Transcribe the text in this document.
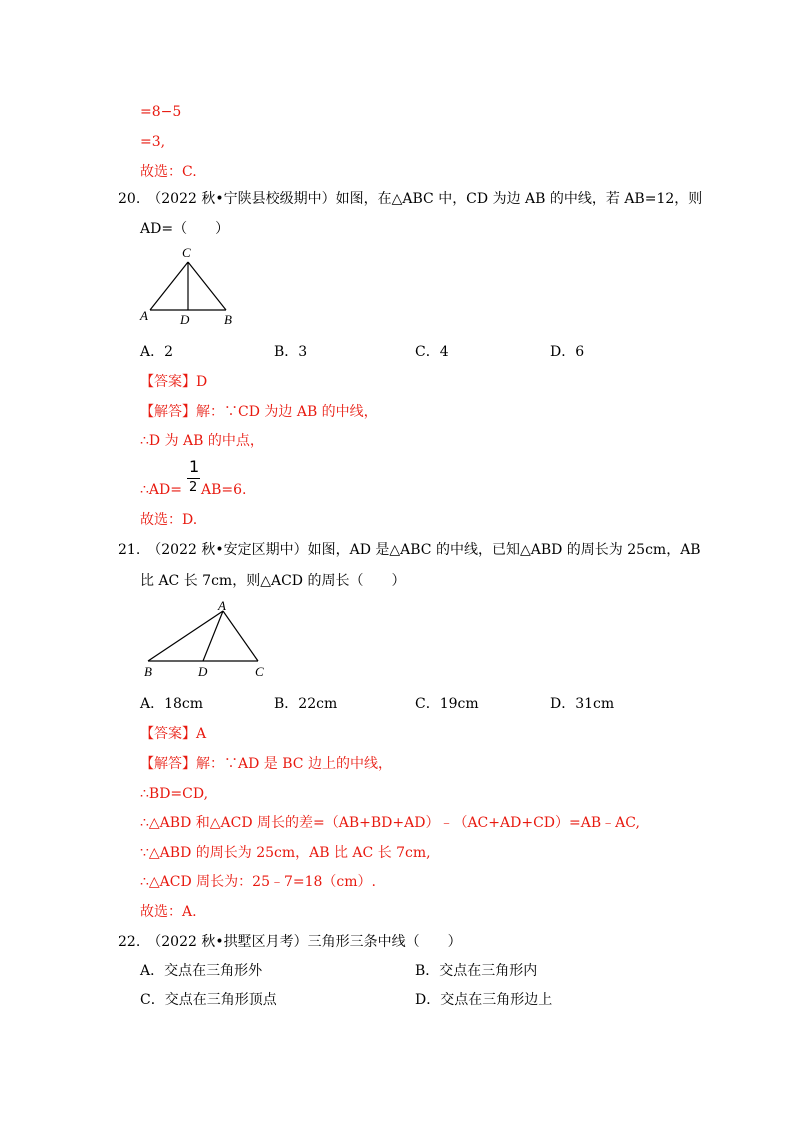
=8−5
=3,
故选：C.
20.　（2022 秋•宁陕县校级期中）如图，在△ABC 中，CD 为边 AB 的中线，若 AB=12，则
AD=（　　）
C
A D	B
A．2	B．3	C．4	D．6
【答案】D
【解答】解：∵CD 为边 AB 的中线，
∴D 为 AB 的中点，
∴AD=
1
2 AB=6.
故选：D.
21.　（2022 秋•安定区期中）如图，AD 是△ABC 的中线，已知△ABD 的周长为 25cm，AB
比 AC 长 7cm，则△ACD 的周长（　　）
A
B	D	C
A．18cm	B．22cm	C．19cm	D．31cm
【答案】A
【解答】解：∵AD 是 BC 边上的中线，
∴BD=CD,
∴△ABD 和△ACD 周长的差=（AB+BD+AD）﹣（AC+AD+CD）=AB﹣AC,
∵△ABD 的周长为 25cm，AB 比 AC 长 7cm,
∴△ACD 周长为：25﹣7=18（cm）.
故选：A.
22.　（2022 秋•拱墅区月考）三角形三条中线（　　）
A．交点在三角形外	B．交点在三角形内
C．交点在三角形顶点	D．交点在三角形边上
